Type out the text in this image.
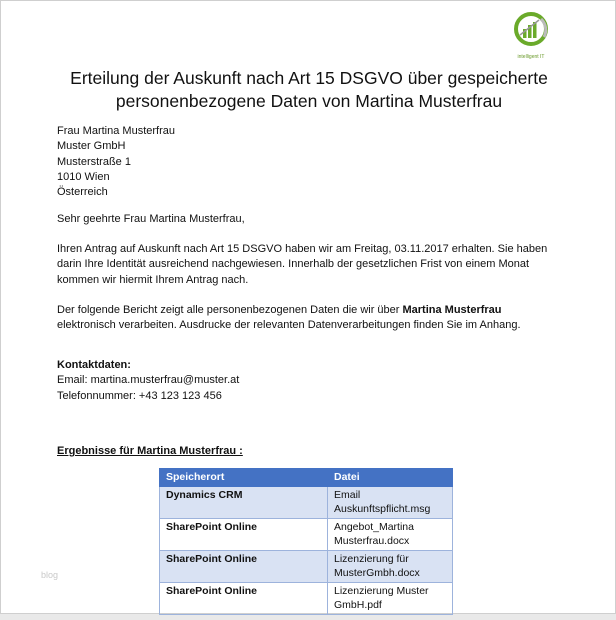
intelligent IT
Erteilung der Auskunft nach Art 15 DSGVO über gespeicherte
personenbezogene Daten von Martina Musterfrau
Frau Martina Musterfrau
Muster GmbH
Musterstraße 1
1010 Wien
Österreich
Sehr geehrte Frau Martina Musterfrau,
Ihren Antrag auf Auskunft nach Art 15 DSGVO haben wir am Freitag, 03.11.2017 erhalten. Sie haben darin Ihre Identität ausreichend nachgewiesen. Innerhalb der gesetzlichen Frist von einem Monat kommen wir hiermit Ihrem Antrag nach.
Der folgende Bericht zeigt alle personenbezogenen Daten die wir über Martina Musterfrau elektronisch verarbeiten. Ausdrucke der relevanten Datenverarbeitungen finden Sie im Anhang.
Kontaktdaten:
Email: martina.musterfrau@muster.at
Telefonnummer: +43 123 123 456
Ergebnisse für Martina Musterfrau :
Speicherort	Datei
Dynamics CRM	Email
Auskunftspflicht.msg

SharePoint Online	Angebot_Martina
Musterfrau.docx

SharePoint Online	Lizenzierung für
MusterGmbh.docx

SharePoint Online	Lizenzierung Muster
GmbH.pdf
blog
